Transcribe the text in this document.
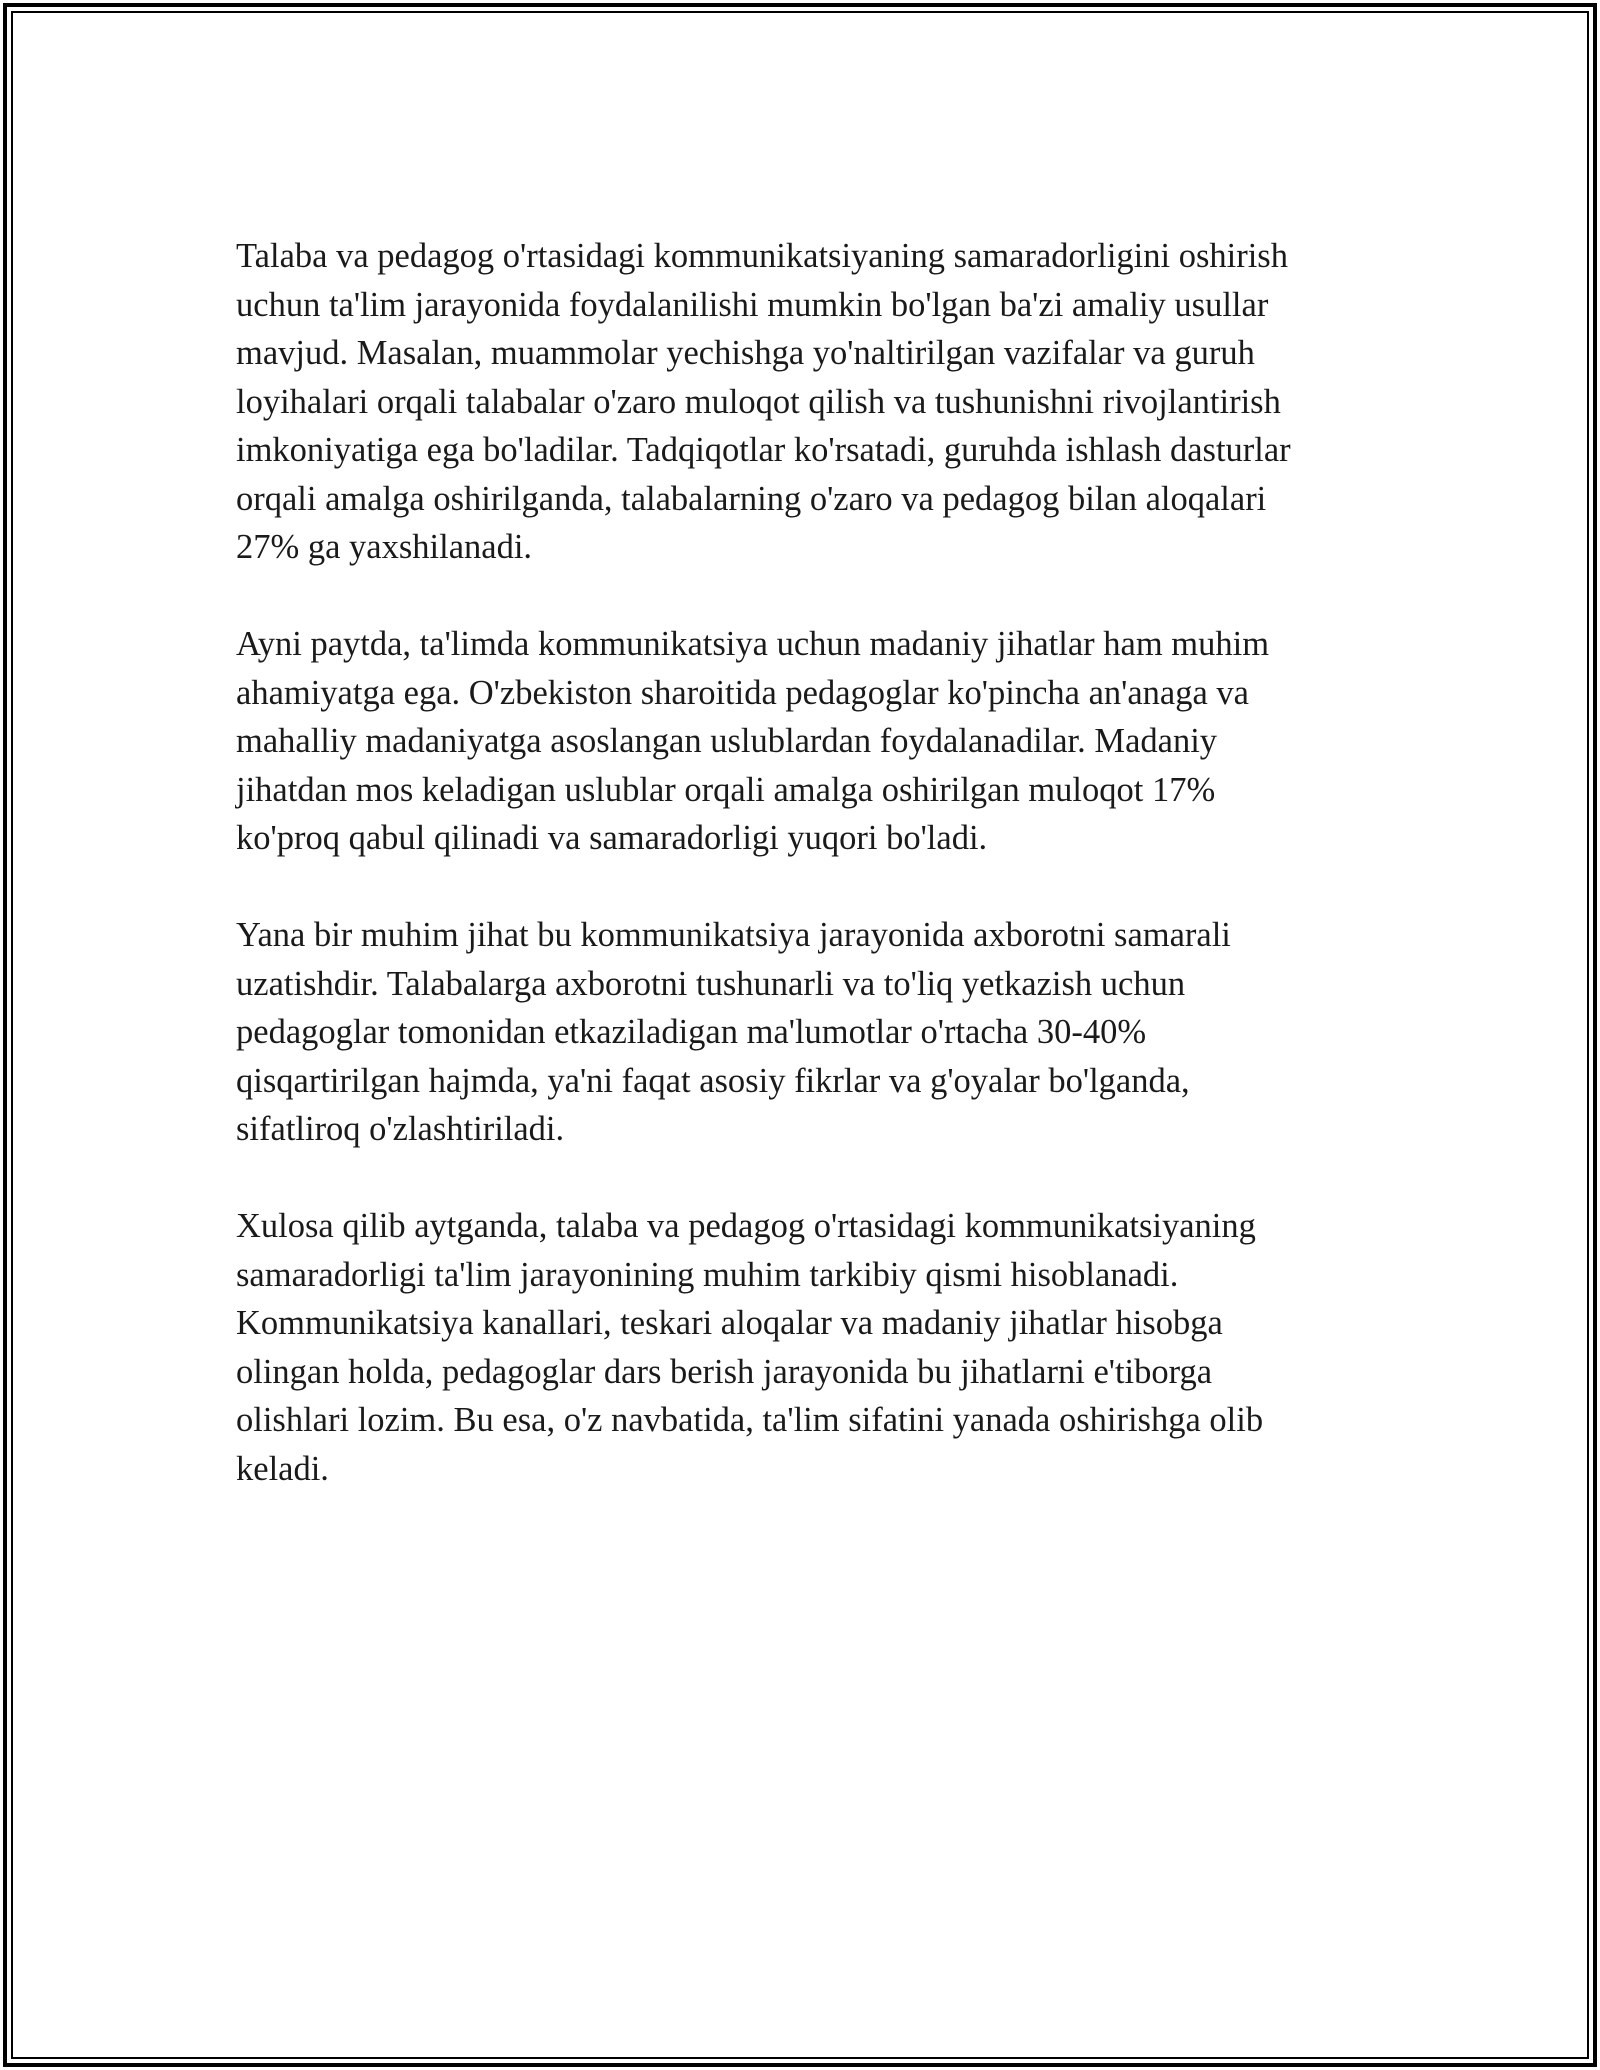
Talaba va pedagog o'rtasidagi kommunikatsiyaning samaradorligini oshirish
uchun ta'lim jarayonida foydalanilishi mumkin bo'lgan ba'zi amaliy usullar
mavjud. Masalan, muammolar yechishga yo'naltirilgan vazifalar va guruh
loyihalari orqali talabalar o'zaro muloqot qilish va tushunishni rivojlantirish
imkoniyatiga ega bo'ladilar. Tadqiqotlar ko'rsatadi, guruhda ishlash dasturlar
orqali amalga oshirilganda, talabalarning o'zaro va pedagog bilan aloqalari
27% ga yaxshilanadi.

Ayni paytda, ta'limda kommunikatsiya uchun madaniy jihatlar ham muhim
ahamiyatga ega. O'zbekiston sharoitida pedagoglar ko'pincha an'anaga va
mahalliy madaniyatga asoslangan uslublardan foydalanadilar. Madaniy
jihatdan mos keladigan uslublar orqali amalga oshirilgan muloqot 17%
ko'proq qabul qilinadi va samaradorligi yuqori bo'ladi.

Yana bir muhim jihat bu kommunikatsiya jarayonida axborotni samarali
uzatishdir. Talabalarga axborotni tushunarli va to'liq yetkazish uchun
pedagoglar tomonidan etkaziladigan ma'lumotlar o'rtacha 30-40%
qisqartirilgan hajmda, ya'ni faqat asosiy fikrlar va g'oyalar bo'lganda,
sifatliroq o'zlashtiriladi.

Xulosa qilib aytganda, talaba va pedagog o'rtasidagi kommunikatsiyaning
samaradorligi ta'lim jarayonining muhim tarkibiy qismi hisoblanadi.
Kommunikatsiya kanallari, teskari aloqalar va madaniy jihatlar hisobga
olingan holda, pedagoglar dars berish jarayonida bu jihatlarni e'tiborga
olishlari lozim. Bu esa, o'z navbatida, ta'lim sifatini yanada oshirishga olib
keladi.
